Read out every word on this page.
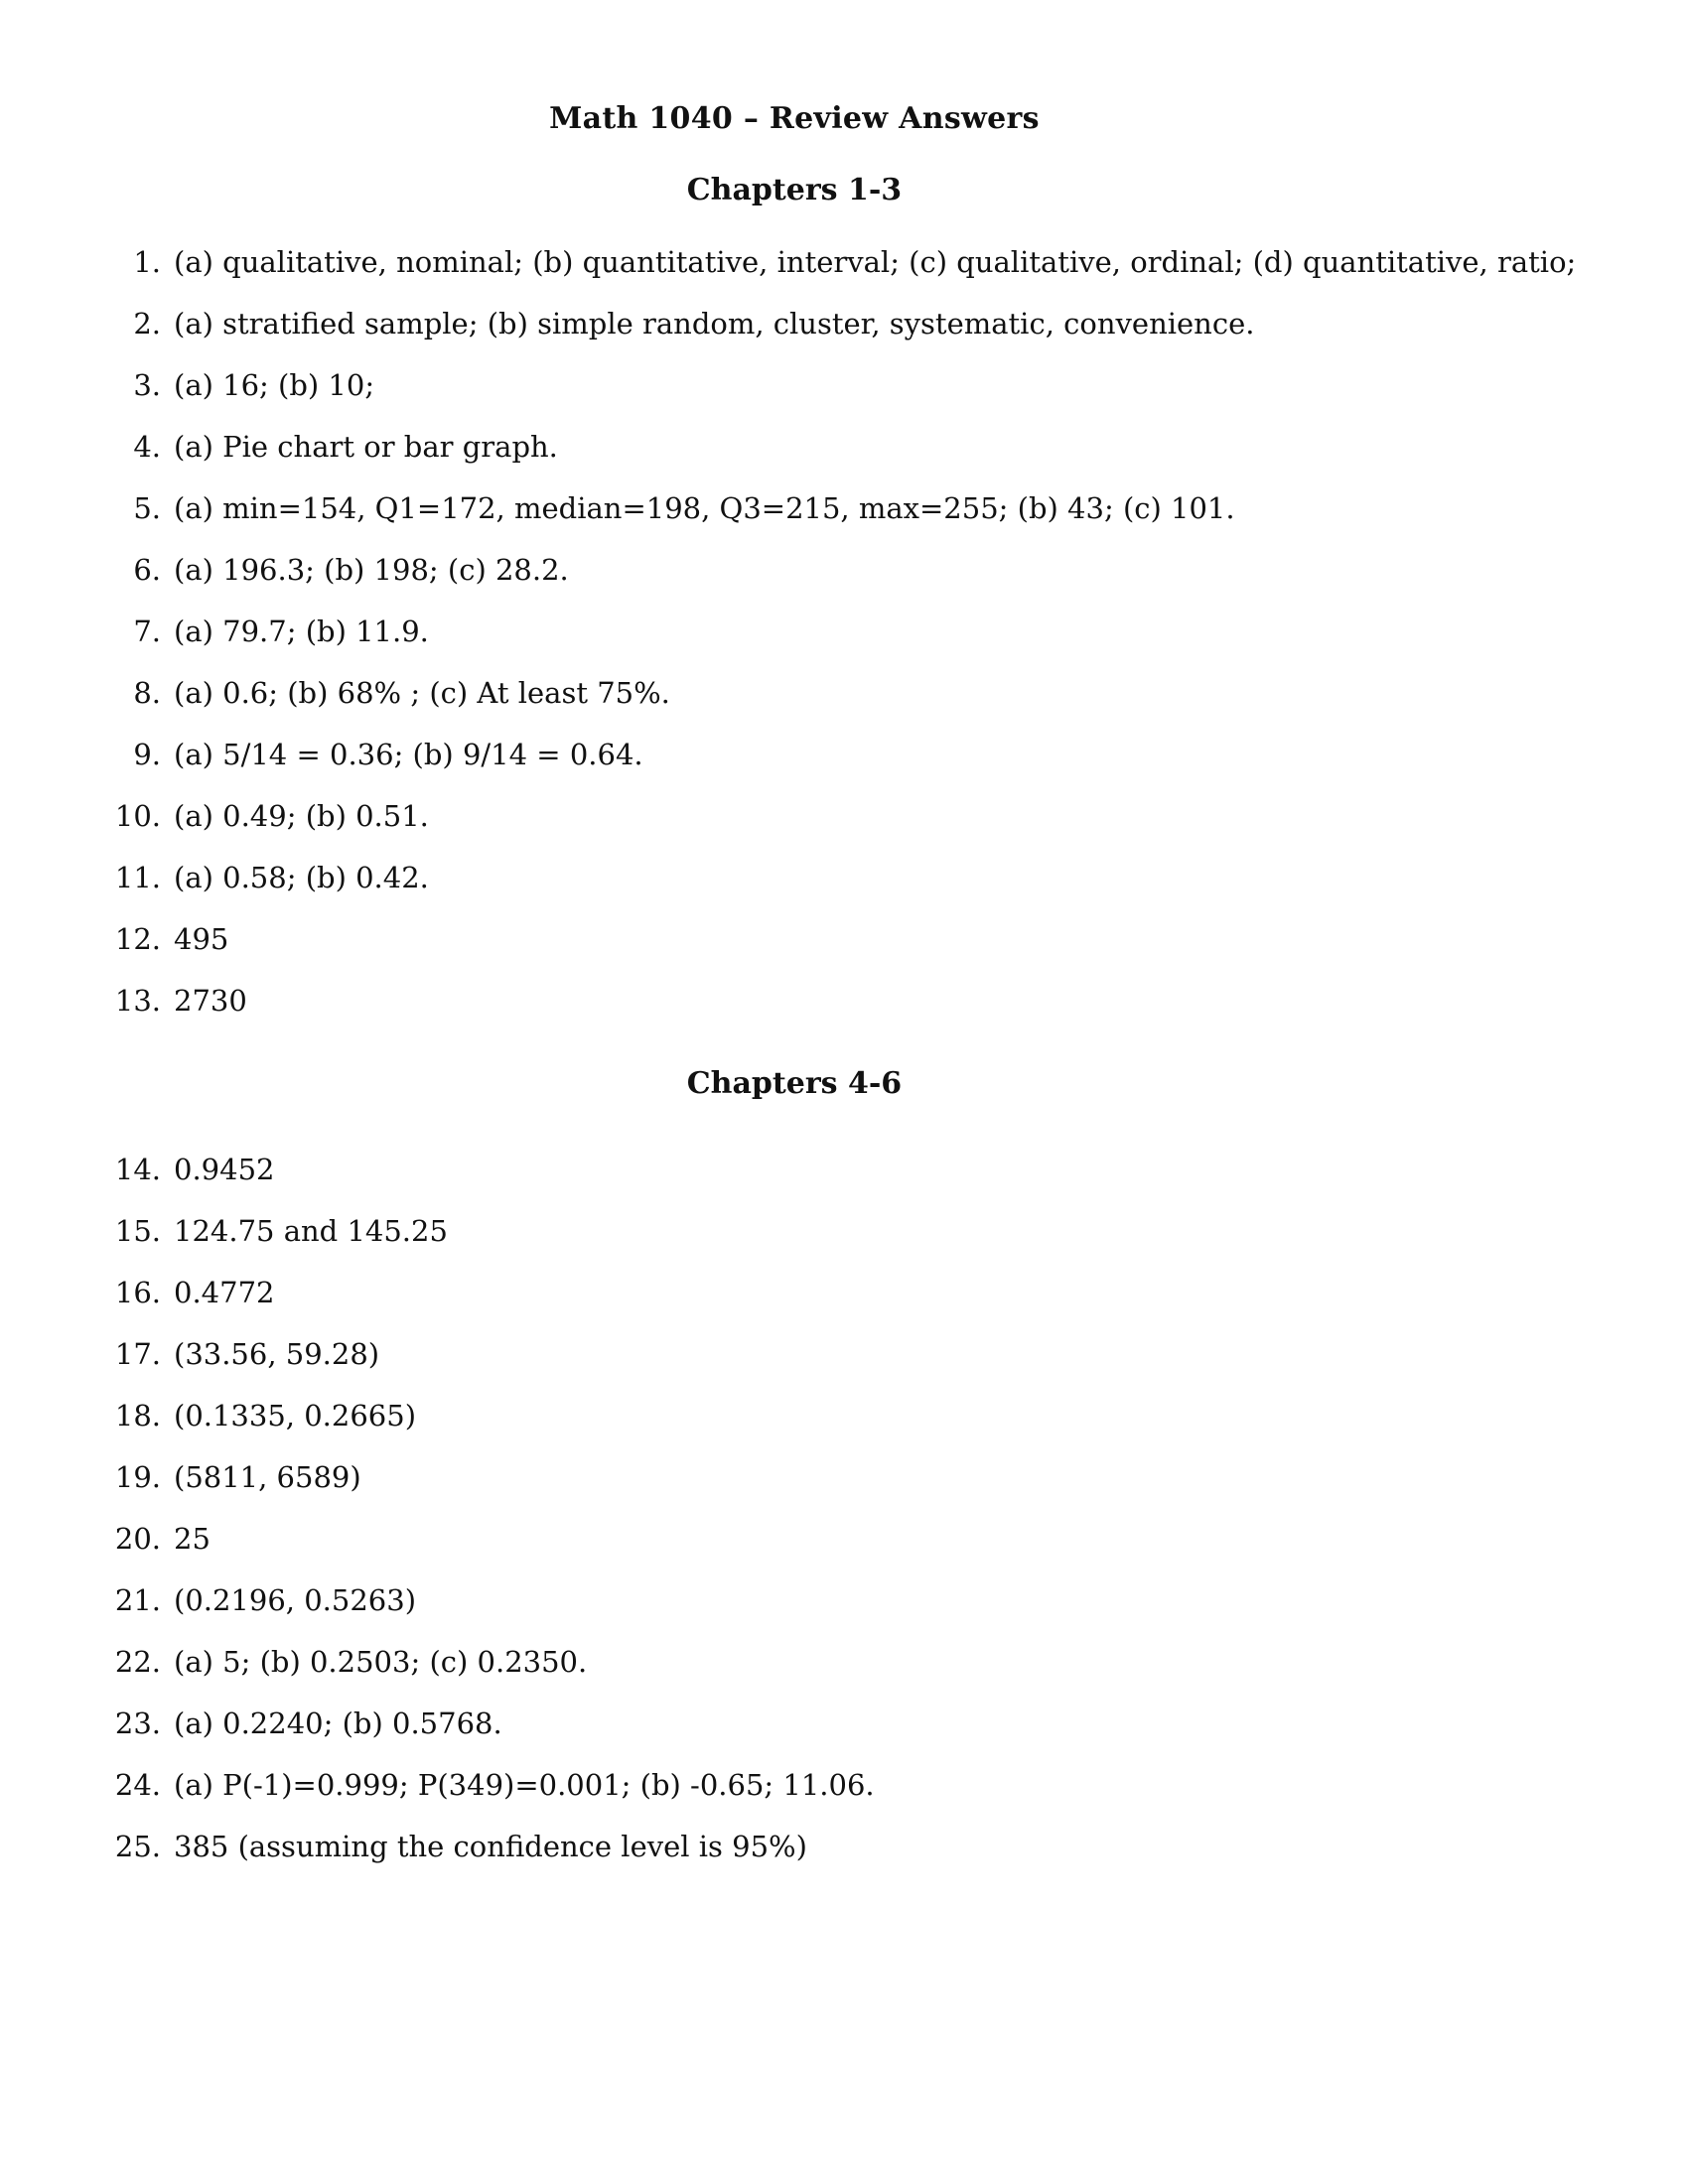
Math 1040 – Review Answers
Chapters 1-3
1. (a) qualitative, nominal; (b) quantitative, interval; (c) qualitative, ordinal; (d) quantitative, ratio;
2. (a) stratified sample; (b) simple random, cluster, systematic, convenience.
3. (a) 16; (b) 10;
4. (a) Pie chart or bar graph.
5. (a) min=154, Q1=172, median=198, Q3=215, max=255; (b) 43; (c) 101.
6. (a) 196.3; (b) 198; (c) 28.2.
7. (a) 79.7; (b) 11.9.
8. (a) 0.6; (b) 68% ; (c) At least 75%.
9. (a) 5/14 = 0.36; (b) 9/14 = 0.64.
10. (a) 0.49; (b) 0.51.
11. (a) 0.58; (b) 0.42.
12. 495
13. 2730
Chapters 4-6
14. 0.9452
15. 124.75 and 145.25
16. 0.4772
17. (33.56, 59.28)
18. (0.1335, 0.2665)
19. (5811, 6589)
20. 25
21. (0.2196, 0.5263)
22. (a) 5; (b) 0.2503; (c) 0.2350.
23. (a) 0.2240; (b) 0.5768.
24. (a) P(-1)=0.999; P(349)=0.001; (b) -0.65; 11.06.
25. 385 (assuming the confidence level is 95%)
